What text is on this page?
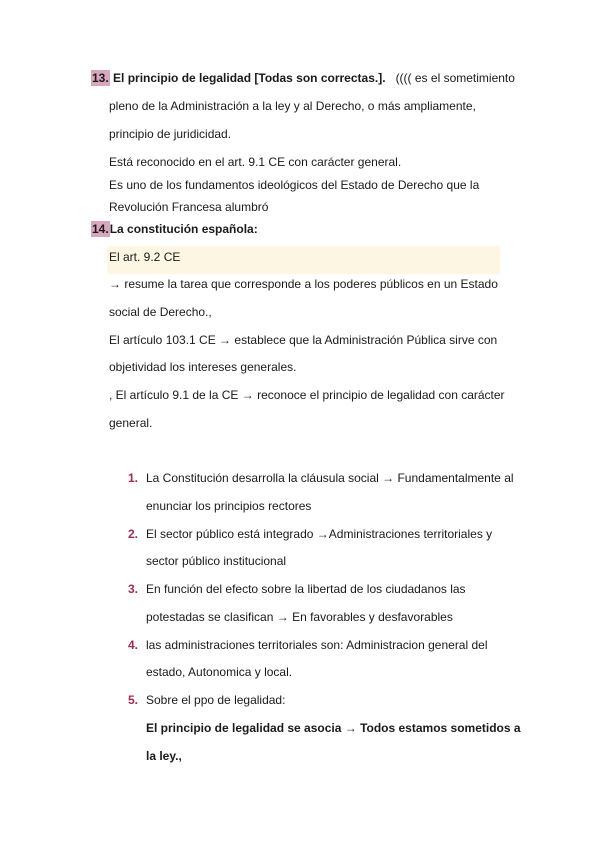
13. El principio de legalidad [Todas son correctas.]. (((( es el sometimiento
pleno de la Administración a la ley y al Derecho, o más ampliamente,
principio de juridicidad.
Está reconocido en el art. 9.1 CE con carácter general.
Es uno de los fundamentos ideológicos del Estado de Derecho que la
Revolución Francesa alumbró
14.La constitución española:
El art. 9.2 CE
→ resume la tarea que corresponde a los poderes públicos en un Estado
social de Derecho.,
El artículo 103.1 CE → establece que la Administración Pública sirve con
objetividad los intereses generales.
, El artículo 9.1 de la CE → reconoce el principio de legalidad con carácter
general.
1. La Constitución desarrolla la cláusula social → Fundamentalmente al
enunciar los principios rectores
2. El sector público está integrado →Administraciones territoriales y
sector público institucional
3. En función del efecto sobre la libertad de los ciudadanos las
potestadas se clasifican → En favorables y desfavorables
4. las administraciones territoriales son: Administracion general del
estado, Autonomica y local.
5. Sobre el ppo de legalidad:
El principio de legalidad se asocia → Todos estamos sometidos a
la ley.,
